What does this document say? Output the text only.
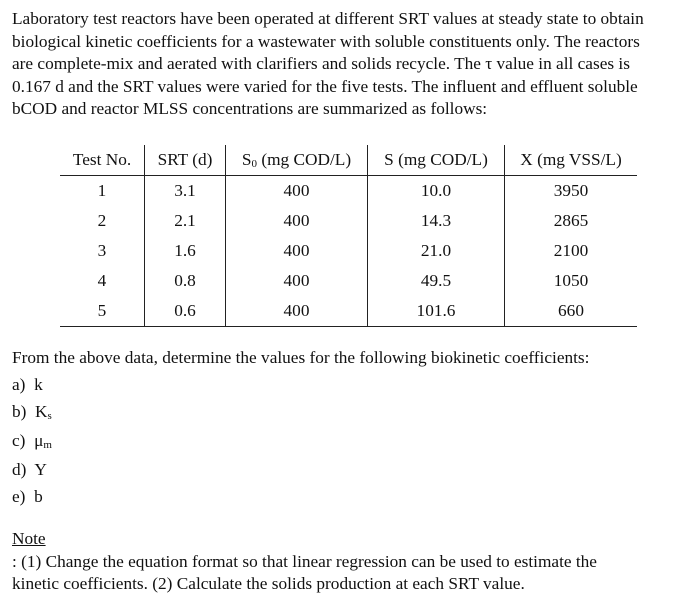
Laboratory test reactors have been operated at different SRT values at steady state to obtain
biological kinetic coefficients for a wastewater with soluble constituents only. The reactors
are complete-mix and aerated with clarifiers and solids recycle. The τ value in all cases is
0.167 d and the SRT values were varied for the five tests. The influent and effluent soluble
bCOD and reactor MLSS concentrations are summarized as follows:

Test No.	SRT (d)	$S_0$ (mg COD/L)	S (mg COD/L)	X (mg VSS/L)
1	3.1	400	10.0	3950
2	2.1	400	14.3	2865
3	1.6	400	21.0	2100
4	0.8	400	49.5	1050
5	0.6	400	101.6	660

From the above data, determine the values for the following biokinetic coefficients:

a) k
b) $K_s$
c) $\mu_m$
d) Y
e) b

Note
: (1) Change the equation format so that linear regression can be used to estimate the
kinetic coefficients. (2) Calculate the solids production at each SRT value.
